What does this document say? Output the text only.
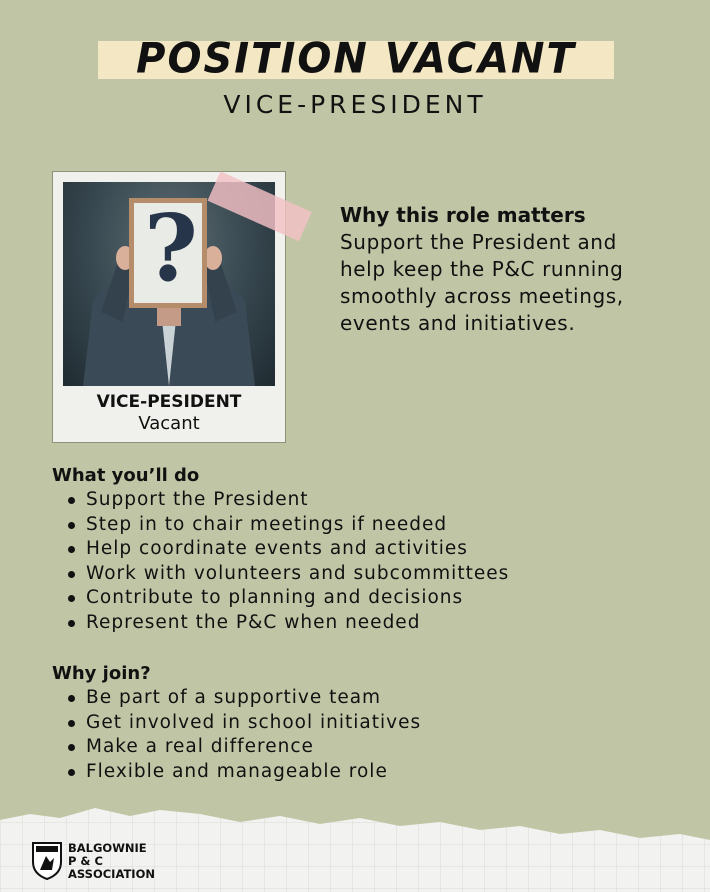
POSITION VACANT
VICE-PRESIDENT
?
VICE-PESIDENT
Vacant
Why this role matters
Support the President and
help keep the P&C running
smoothly across meetings,
events and initiatives.
What you’ll do
Support the President
Step in to chair meetings if needed
Help coordinate events and activities
Work with volunteers and subcommittees
Contribute to planning and decisions
Represent the P&C when needed
Why join?
Be part of a supportive team
Get involved in school initiatives
Make a real difference
Flexible and manageable role
BALGOWNIE
P & C
ASSOCIATION
